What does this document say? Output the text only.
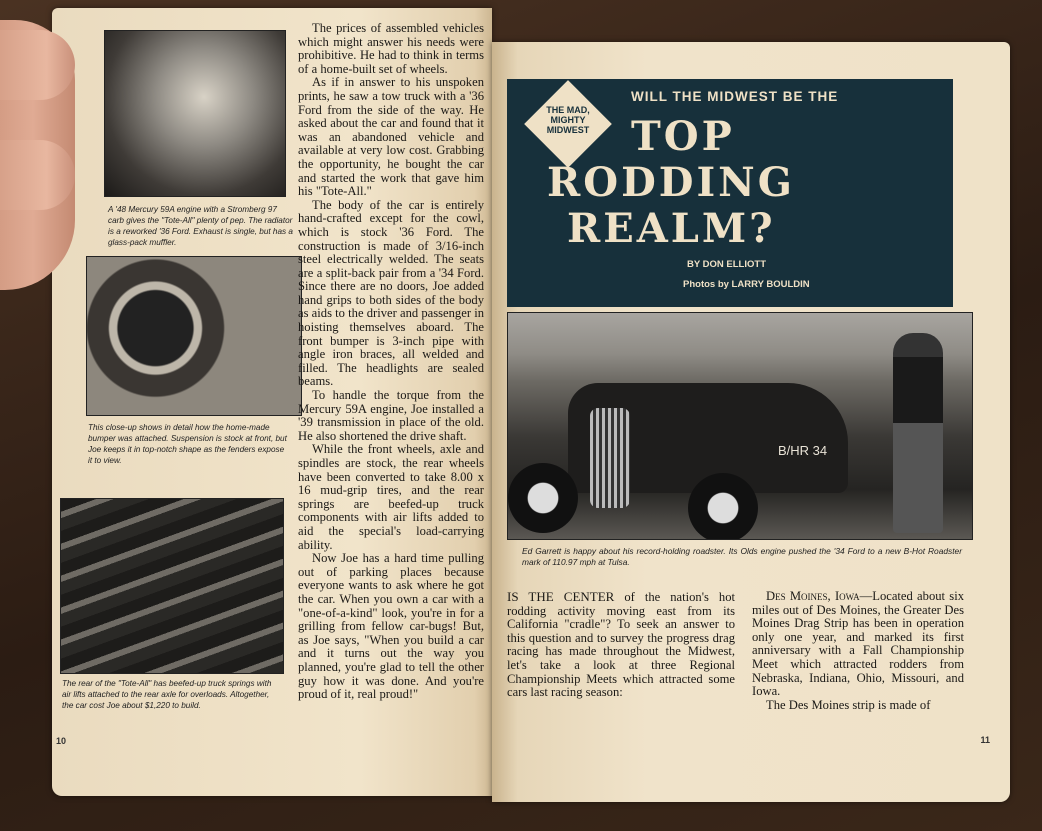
A '48 Mercury 59A engine with a Stromberg 97 carb gives the "Tote-All" plenty of pep. The radiator is a reworked '36 Ford. Exhaust is single, but has a glass-pack muffler.
This close-up shows in detail how the home-made bumper was attached. Suspension is stock at front, but Joe keeps it in top-notch shape as the fenders expose it to view.
The rear of the "Tote-All" has beefed-up truck springs with air lifts attached to the rear axle for overloads. Altogether, the car cost Joe about $1,220 to build.

The prices of assembled vehicles which might answer his needs were prohibitive. He had to think in terms of a home-built set of wheels.

As if in answer to his unspoken prints, he saw a tow truck with a '36 Ford from the side of the way. He asked about the car and found that it was an abandoned vehicle and available at very low cost. Grabbing the opportunity, he bought the car and started the work that gave him his "Tote-All."

The body of the car is entirely hand-crafted except for the cowl, which is stock '36 Ford. The construction is made of 3/16-inch steel electrically welded. The seats are a split-back pair from a '34 Ford. Since there are no doors, Joe added hand grips to both sides of the body as aids to the driver and passenger in hoisting themselves aboard. The front bumper is 3-inch pipe with angle iron braces, all welded and filled. The headlights are sealed beams.

To handle the torque from the Mercury 59A engine, Joe installed a '39 transmission in place of the old. He also shortened the drive shaft.

While the front wheels, axle and spindles are stock, the rear wheels have been converted to take 8.00 x 16 mud-grip tires, and the rear springs are beefed-up truck components with air lifts added to aid the special's load-carrying ability.

Now Joe has a hard time pulling out of parking places because everyone wants to ask where he got the car. When you own a car with a "one-of-a-kind" look, you're in for a grilling from fellow car-bugs! But, as Joe says, "When you build a car and it turns out the way you planned, you're glad to tell the other guy how it was done. And you're proud of it, real proud!"

10
THE MAD,
MIGHTY
MIDWEST
WILL THE MIDWEST BE THE
TOP
RODDING
REALM?
BY DON ELLIOTT
Photos by LARRY BOULDIN
B/HR 34
Ed Garrett is happy about his record-holding roadster. Its Olds engine pushed the '34 Ford to a new B-Hot Roadster mark of 110.97 mph at Tulsa.

IS THE CENTER of the nation's hot rodding activity moving east from its California "cradle"? To seek an answer to this question and to survey the progress drag racing has made throughout the Midwest, let's take a look at three Regional Championship Meets which attracted some cars last racing season:

Des Moines, Iowa—Located about six miles out of Des Moines, the Greater Des Moines Drag Strip has been in operation only one year, and marked its first anniversary with a Fall Championship Meet which attracted rodders from Nebraska, Indiana, Ohio, Missouri, and Iowa.

The Des Moines strip is made of

11
